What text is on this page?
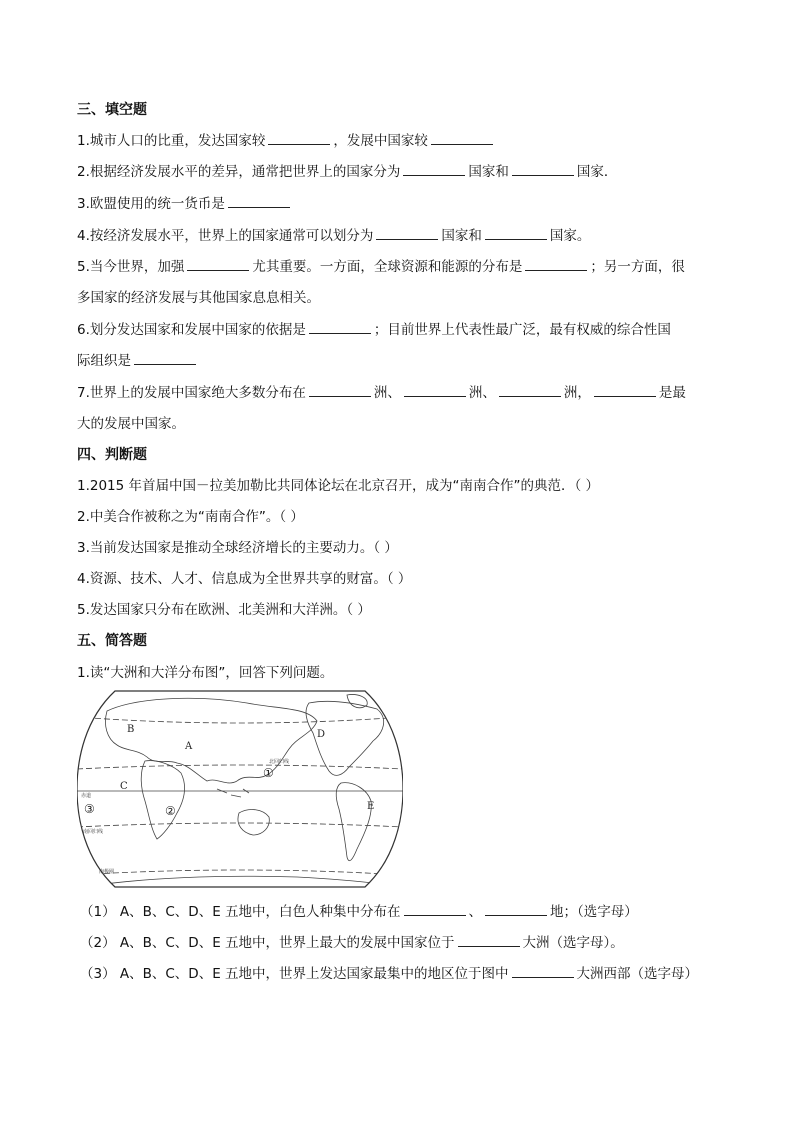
三、填空题
1.城市人口的比重，发达国家较	，发展中国家较
2.根据经济发展水平的差异，通常把世界上的国家分为	国家和	国家．
3.欧盟使用的统一货币是
4.按经济发展水平，世界上的国家通常可以划分为	国家和	国家。
5.当今世界，加强	尤其重要。一方面，全球资源和能源的分布是	；另一方面，很
多国家的经济发展与其他国家息息相关。
6.划分发达国家和发展中国家的依据是	；目前世界上代表性最广泛，最有权威的综合性国
际组织是
7.世界上的发展中国家绝大多数分布在	洲、	洲、	洲，	是最
大的发展中国家。
四、判断题
1.2015 年首届中国－拉美加勒比共同体论坛在北京召开，成为“南南合作”的典范．（ ）
2.中美合作被称之为“南南合作”。（ ）
3.当前发达国家是推动全球经济增长的主要动力。（ ）
4.资源、技术、人才、信息成为全世界共享的财富。（ ）
5.发达国家只分布在欧洲、北美洲和大洋洲。（ ）
五、简答题
1.读“大洲和大洋分布图”，回答下列问题。
B
A
C
D
E
①
②
③
北回归线
赤道
南回归线
南极圈
（1） A、B、C、D、E 五地中，白色人种集中分布在	、	地；（选字母）
（2） A、B、C、D、E 五地中，世界上最大的发展中国家位于	大洲（选字母）。
（3） A、B、C、D、E 五地中，世界上发达国家最集中的地区位于图中	大洲西部（选字母）
